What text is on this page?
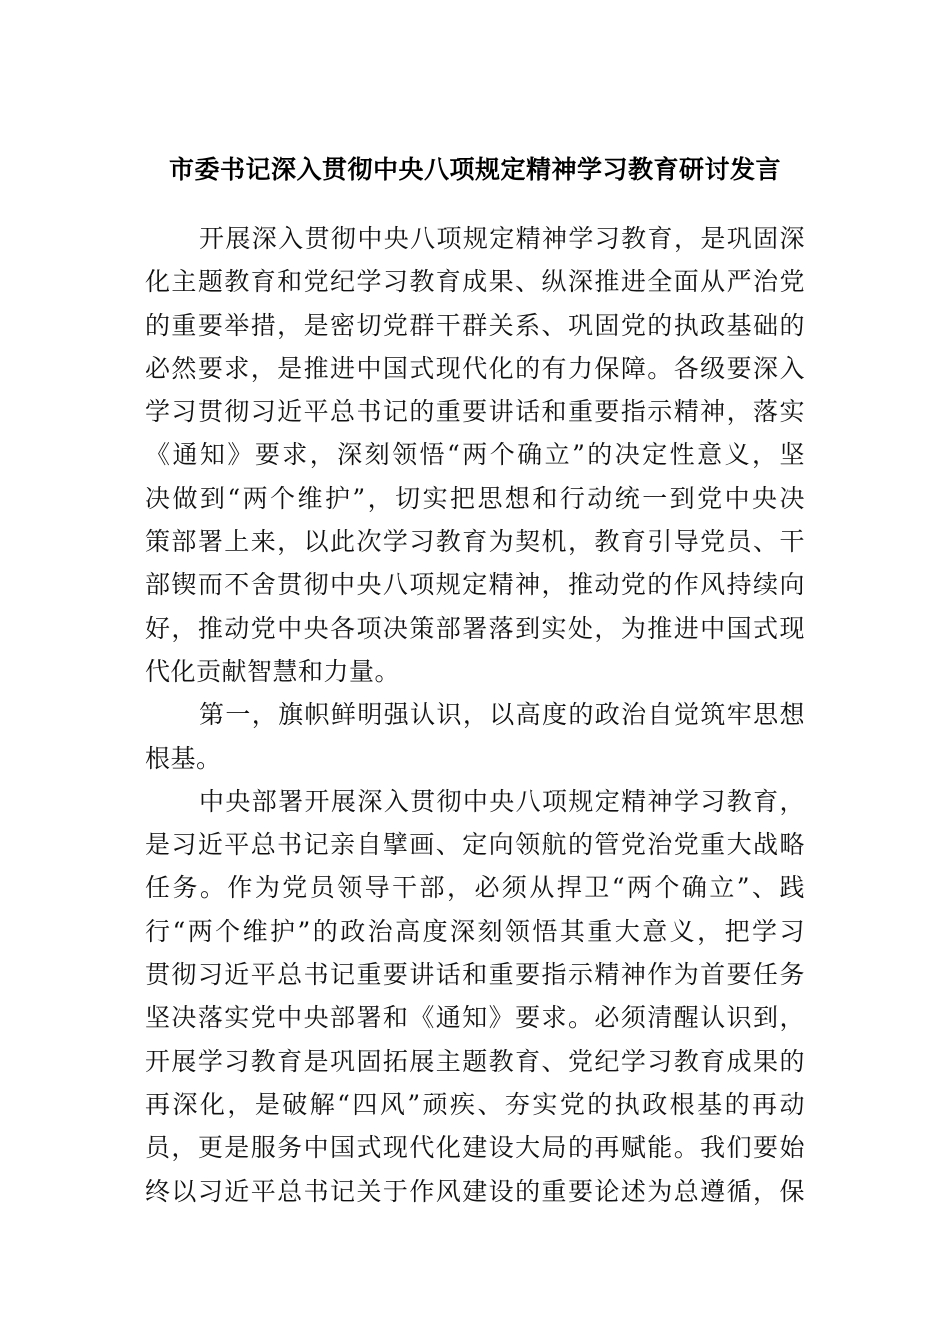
市委书记深入贯彻中央八项规定精神学习教育研讨发言
开展深入贯彻中央八项规定精神学习教育，是巩固深
化主题教育和党纪学习教育成果、纵深推进全面从严治党
的重要举措，是密切党群干群关系、巩固党的执政基础的
必然要求，是推进中国式现代化的有力保障。各级要深入
学习贯彻习近平总书记的重要讲话和重要指示精神，落实
《通知》要求，深刻领悟“两个确立”的决定性意义，坚
决做到“两个维护”，切实把思想和行动统一到党中央决
策部署上来，以此次学习教育为契机，教育引导党员、干
部锲而不舍贯彻中央八项规定精神，推动党的作风持续向
好，推动党中央各项决策部署落到实处，为推进中国式现
代化贡献智慧和力量。
第一，旗帜鲜明强认识，以高度的政治自觉筑牢思想
根基。
中央部署开展深入贯彻中央八项规定精神学习教育，
是习近平总书记亲自擘画、定向领航的管党治党重大战略
任务。作为党员领导干部，必须从捍卫“两个确立”、践
行“两个维护”的政治高度深刻领悟其重大意义，把学习
贯彻习近平总书记重要讲话和重要指示精神作为首要任务
坚决落实党中央部署和《通知》要求。必须清醒认识到，
开展学习教育是巩固拓展主题教育、党纪学习教育成果的
再深化，是破解“四风”顽疾、夯实党的执政根基的再动
员，更是服务中国式现代化建设大局的再赋能。我们要始
终以习近平总书记关于作风建设的重要论述为总遵循，保
